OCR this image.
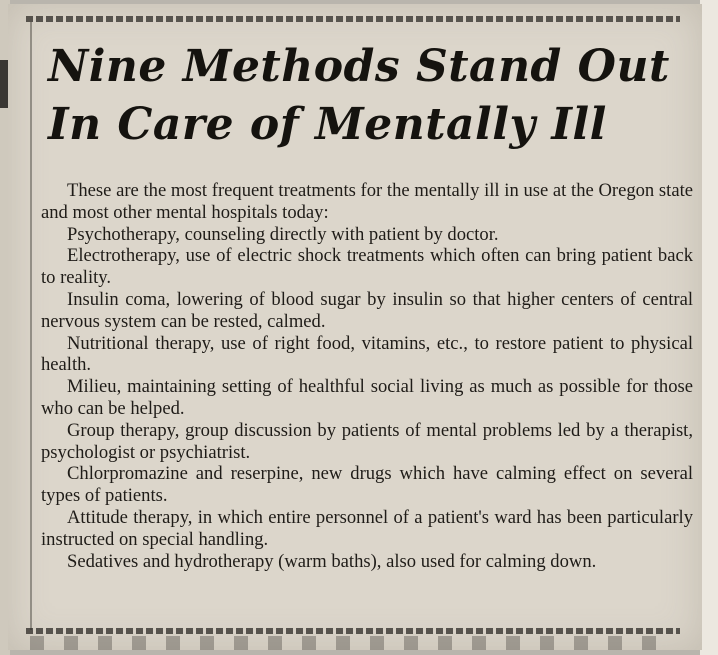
Nine Methods Stand Out
In Care of Mentally Ill

These are the most frequent treatments for the mentally ill in use at the Oregon state and most other mental hospitals today:

Psychotherapy, counseling directly with patient by doctor.

Electrotherapy, use of electric shock treatments which often can bring patient back to reality.

Insulin coma, lowering of blood sugar by insulin so that higher centers of central nervous system can be rested, calmed.

Nutritional therapy, use of right food, vitamins, etc., to restore patient to physical health.

Milieu, maintaining setting of healthful social living as much as possible for those who can be helped.

Group therapy, group discussion by patients of mental problems led by a therapist, psychologist or psychiatrist.

Chlorpromazine and reserpine, new drugs which have calming effect on several types of patients.

Attitude therapy, in which entire personnel of a patient's ward has been particularly instructed on special handling.

Sedatives and hydrotherapy (warm baths), also used for calming down.
